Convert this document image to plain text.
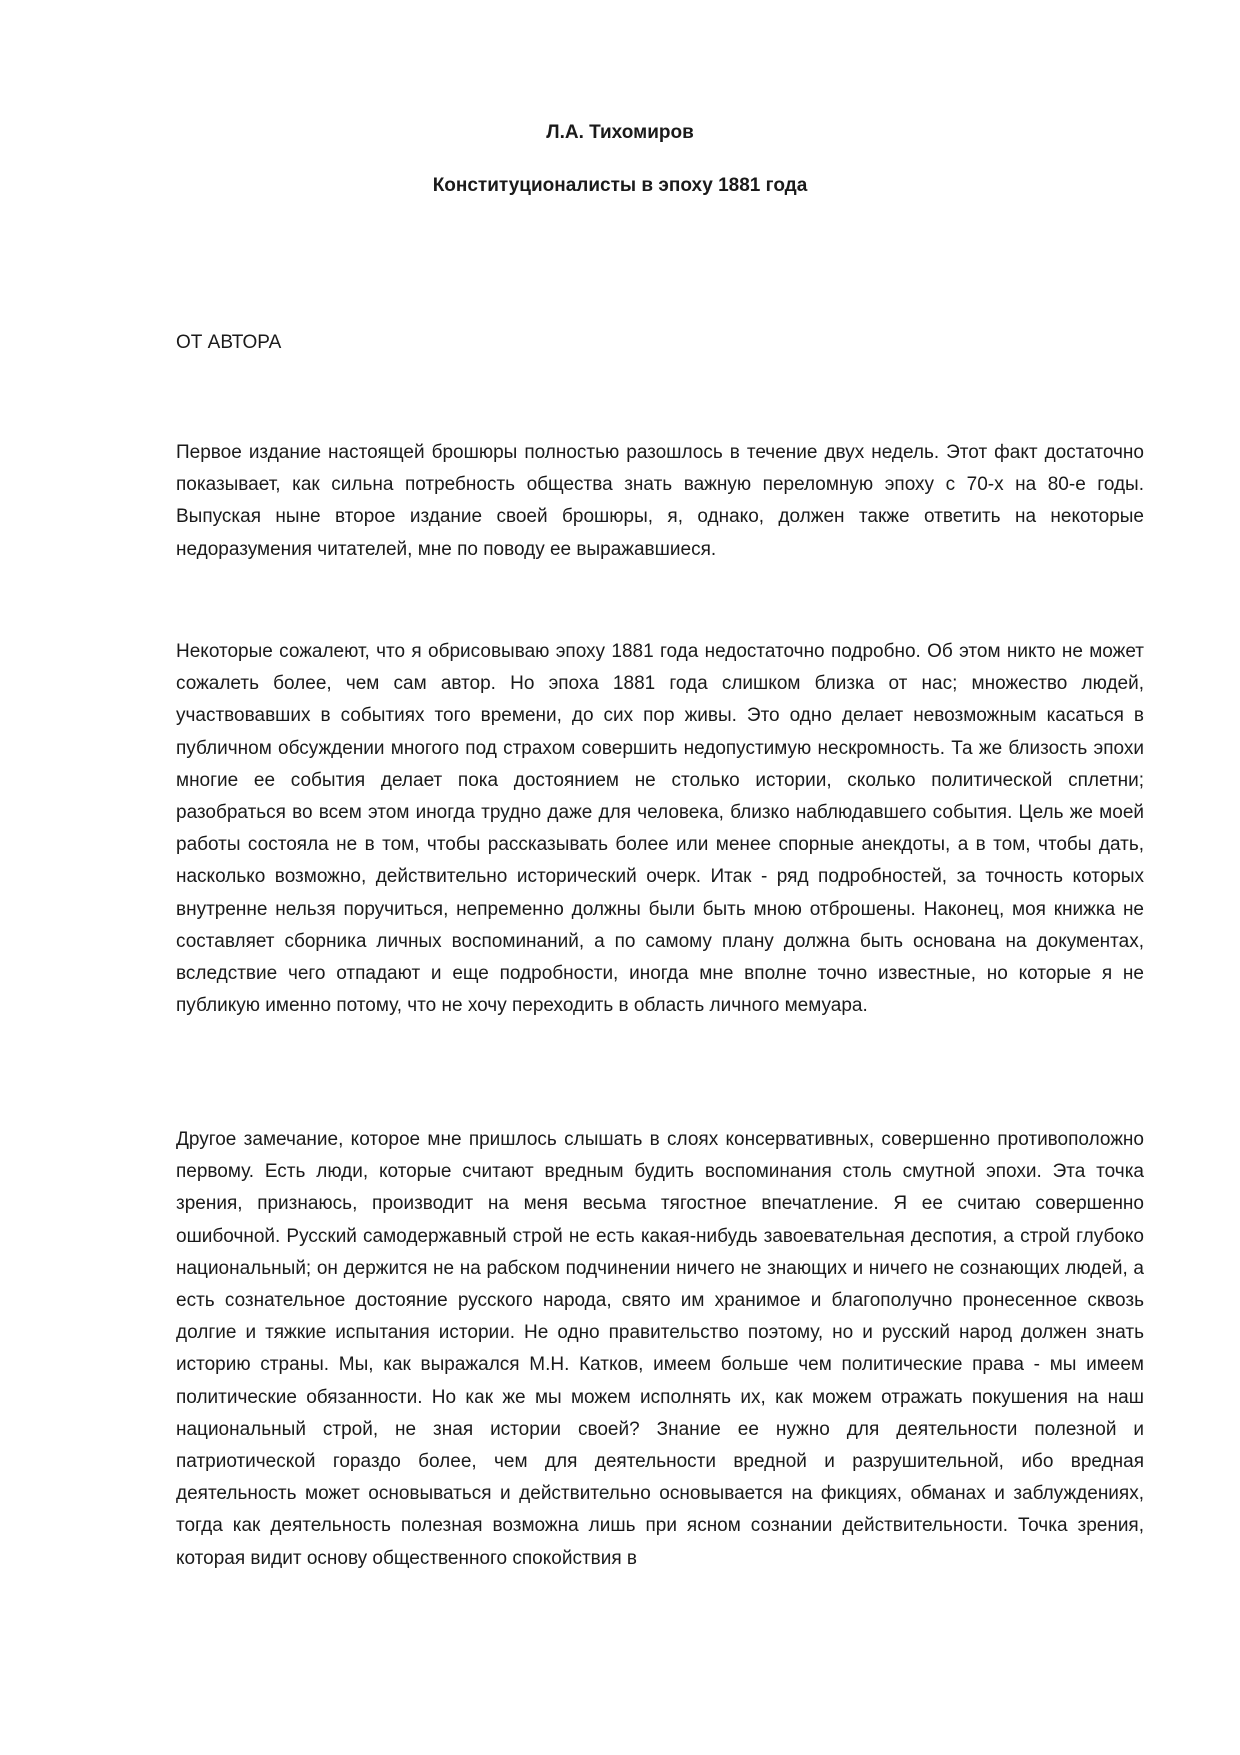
Л.А. Тихомиров

Конституционалисты в эпоху 1881 года

ОТ АВТОРА

Первое издание настоящей брошюры полностью разошлось в течение двух недель. Этот факт достаточно показывает, как сильна потребность общества знать важную переломную эпоху с 70-х на 80-е годы. Выпуская ныне второе издание своей брошюры, я, однако, должен также ответить на некоторые недоразумения читателей, мне по поводу ее выражавшиеся.

Некоторые сожалеют, что я обрисовываю эпоху 1881 года недостаточно подробно. Об этом никто не может сожалеть более, чем сам автор. Но эпоха 1881 года слишком близка от нас; множество людей, участвовавших в событиях того времени, до сих пор живы. Это одно делает невозможным касаться в публичном обсуждении многого под страхом совершить недопустимую нескромность. Та же близость эпохи многие ее события делает пока достоянием не столько истории, сколько политической сплетни; разобраться во всем этом иногда трудно даже для человека, близко наблюдавшего события. Цель же моей работы состояла не в том, чтобы рассказывать более или менее спорные анекдоты, а в том, чтобы дать, насколько возможно, действительно исторический очерк. Итак - ряд подробностей, за точность которых внутренне нельзя поручиться, непременно должны были быть мною отброшены. Наконец, моя книжка не составляет сборника личных воспоминаний, а по самому плану должна быть основана на документах, вследствие чего отпадают и еще подробности, иногда мне вполне точно известные, но которые я не публикую именно потому, что не хочу переходить в область личного мемуара.

Другое замечание, которое мне пришлось слышать в слоях консервативных, совершенно противоположно первому. Есть люди, которые считают вредным будить воспоминания столь смутной эпохи. Эта точка зрения, признаюсь, производит на меня весьма тягостное впечатление. Я ее считаю совершенно ошибочной. Русский самодержавный строй не есть какая-нибудь завоевательная деспотия, а строй глубоко национальный; он держится не на рабском подчинении ничего не знающих и ничего не сознающих людей, а есть сознательное достояние русского народа, свято им хранимое и благополучно пронесенное сквозь долгие и тяжкие испытания истории. Не одно правительство поэтому, но и русский народ должен знать историю страны. Мы, как выражался М.Н. Катков, имеем больше чем политические права - мы имеем политические обязанности. Но как же мы можем исполнять их, как можем отражать покушения на наш национальный строй, не зная истории своей? Знание ее нужно для деятельности полезной и патриотической гораздо более, чем для деятельности вредной и разрушительной, ибо вредная деятельность может основываться и действительно основывается на фикциях, обманах и заблуждениях, тогда как деятельность полезная возможна лишь при ясном сознании действительности. Точка зрения, которая видит основу общественного спокойствия в
